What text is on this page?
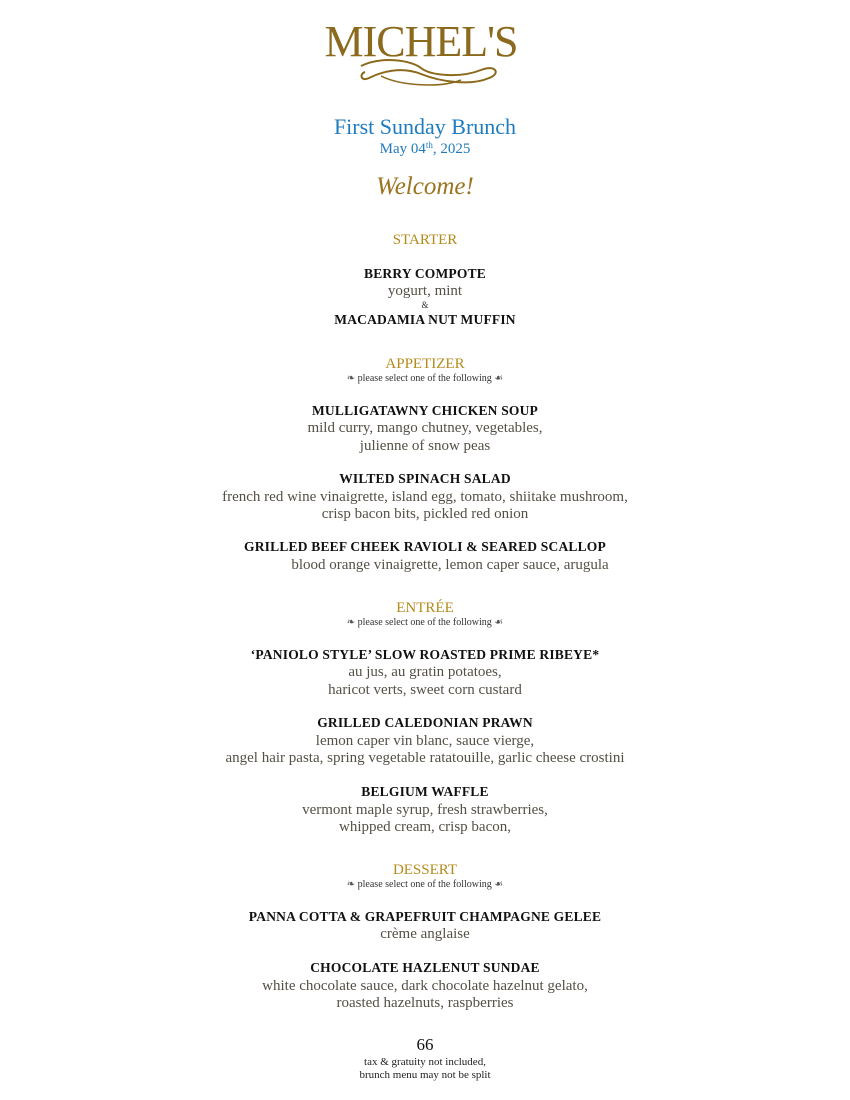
MICHEL'S
First Sunday Brunch
May 04th, 2025
Welcome!
STARTER
BERRY COMPOTE
yogurt, mint
&
MACADAMIA NUT MUFFIN
APPETIZER
❧ please select one of the following ☙
MULLIGATAWNY CHICKEN SOUP
mild curry, mango chutney, vegetables,
julienne of snow peas
WILTED SPINACH SALAD
french red wine vinaigrette, island egg, tomato, shiitake mushroom,
crisp bacon bits, pickled red onion
GRILLED BEEF CHEEK RAVIOLI & SEARED SCALLOP
blood orange vinaigrette, lemon caper sauce, arugula
ENTRÉE
❧ please select one of the following ☙
‘PANIOLO STYLE’ SLOW ROASTED PRIME RIBEYE*
au jus, au gratin potatoes,
haricot verts, sweet corn custard
GRILLED CALEDONIAN PRAWN
lemon caper vin blanc, sauce vierge,
angel hair pasta, spring vegetable ratatouille, garlic cheese crostini
BELGIUM WAFFLE
vermont maple syrup, fresh strawberries,
whipped cream, crisp bacon,
DESSERT
❧ please select one of the following ☙
PANNA COTTA & GRAPEFRUIT CHAMPAGNE GELEE
crème anglaise
CHOCOLATE HAZLENUT SUNDAE
white chocolate sauce, dark chocolate hazelnut gelato,
roasted hazelnuts, raspberries
66
tax & gratuity not included,
brunch menu may not be split
